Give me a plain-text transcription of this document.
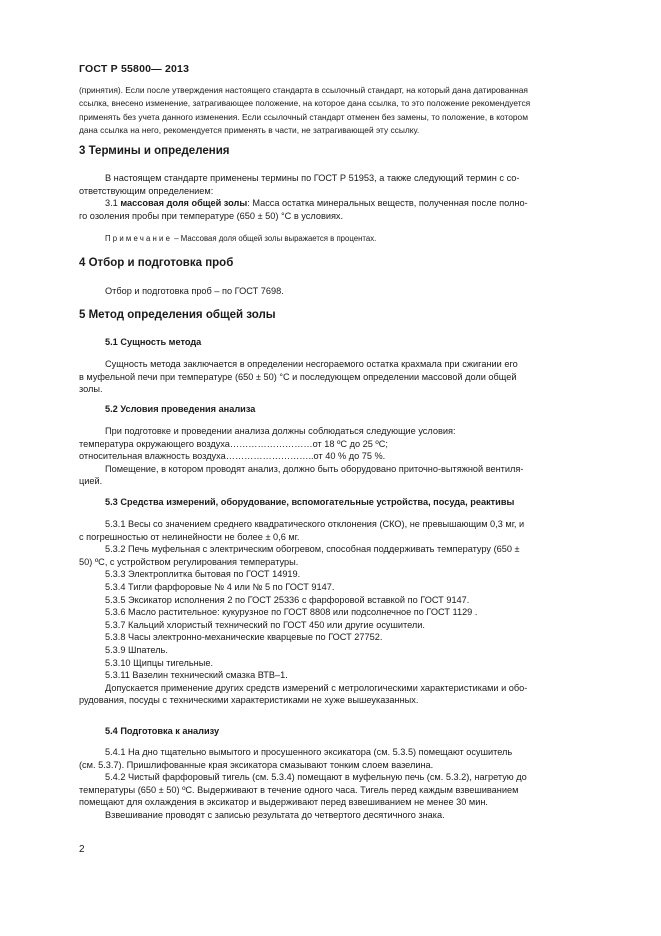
ГОСТ Р 55800— 2013

(принятия). Если после утверждения настоящего стандарта в ссылочный стандарт, на который дана датированная

ссылка, внесено изменение, затрагивающее положение, на которое дана ссылка, то это положение рекомендуется

применять без учета данного изменения. Если ссылочный стандарт отменен без замены, то положение, в котором

дана ссылка на него, рекомендуется применять в части, не затрагивающей эту ссылку.

3 Термины и определения

В настоящем стандарте применены термины по ГОСТ Р 51953, а также следующий термин с со-

ответствующим определением:

3.1 массовая доля общей золы: Масса остатка минеральных веществ, полученная после полно-

го озоления пробы при температуре (650 ± 50) °С в условиях.

Примечание – Массовая доля общей золы выражается в процентах.
4 Отбор и подготовка проб

Отбор и подготовка проб – по ГОСТ 7698.

5 Метод определения общей золы
5.1 Сущность метода

Сущность метода заключается в определении несгораемого остатка крахмала при сжигании его

в муфельной печи при температуре (650 ± 50) °С и последующем определении массовой доли общей

золы.

5.2 Условия проведения анализа

При подготовке и проведении анализа должны соблюдаться следующие условия:

температура окружающего воздуха………………………от 18 ºС до 25 ºС;

относительная влажность воздуха………………………..от 40 % до 75 %.

Помещение, в котором проводят анализ, должно быть оборудовано приточно-вытяжной вентиля-

цией.

5.3 Средства измерений, оборудование, вспомогательные устройства, посуда, реактивы

5.3.1 Весы со значением среднего квадратического отклонения (СКО), не превышающим 0,3 мг, и

с погрешностью от нелинейности не более ± 0,6 мг.

5.3.2 Печь муфельная с электрическим обогревом, способная поддерживать температуру (650 ±

50) ºС, с устройством регулирования температуры.

5.3.3 Электроплитка бытовая по ГОСТ 14919.

5.3.4 Тигли фарфоровые № 4 или № 5 по ГОСТ 9147.

5.3.5 Эксикатор исполнения 2 по ГОСТ 25336 с фарфоровой вставкой по ГОСТ 9147.

5.3.6 Масло растительное: кукурузное по ГОСТ 8808 или подсолнечное по ГОСТ 1129 .

5.3.7 Кальций хлористый технический по ГОСТ 450 или другие осушители.

5.3.8 Часы электронно-механические кварцевые по ГОСТ 27752.

5.3.9 Шпатель.

5.3.10 Щипцы тигельные.

5.3.11 Вазелин технический смазка ВТВ–1.

Допускается применение других средств измерений с метрологическими характеристиками и обо-

рудования, посуды с техническими характеристиками не хуже вышеуказанных.

5.4 Подготовка к анализу

5.4.1 На дно тщательно вымытого и просушенного эксикатора (см. 5.3.5) помещают осушитель

(см. 5.3.7). Пришлифованные края эксикатора смазывают тонким слоем вазелина.

5.4.2 Чистый фарфоровый тигель (см. 5.3.4) помещают в муфельную печь (см. 5.3.2), нагретую до

температуры (650 ± 50) ºС. Выдерживают в течение одного часа. Тигель перед каждым взвешиванием

помещают для охлаждения в эксикатор и выдерживают перед взвешиванием не менее 30 мин.

Взвешивание проводят с записью результата до четвертого десятичного знака.

2
